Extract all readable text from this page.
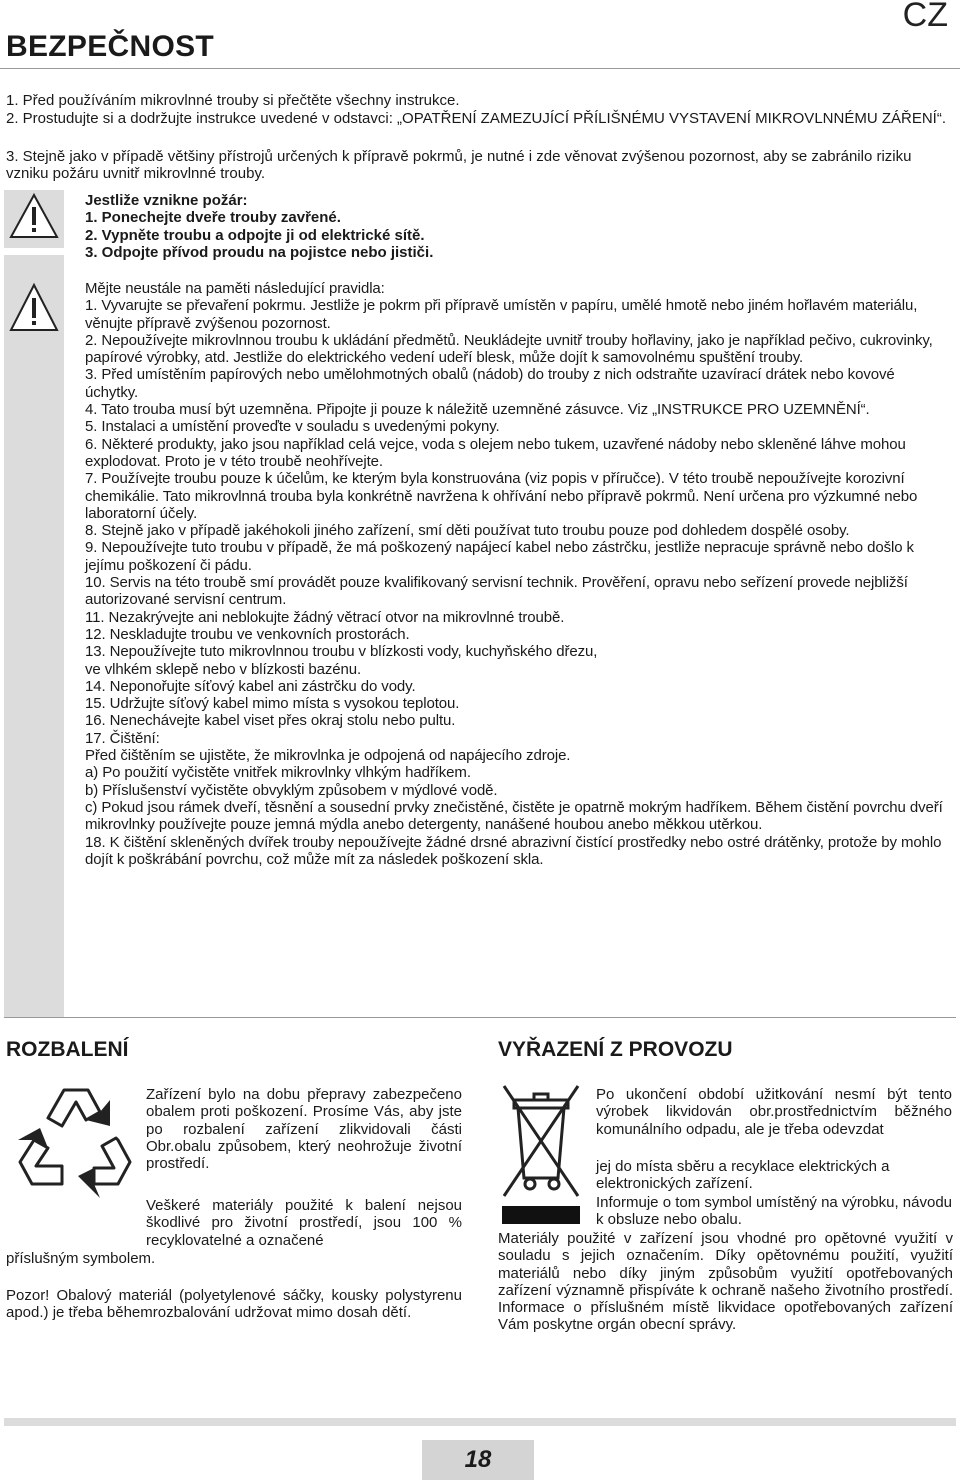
CZ
BEZPEČNOST

1. Před používáním mikrovlnné trouby si přečtěte všechny instrukce.

2. Prostudujte si a dodržujte instrukce uvedené v odstavci: „OPATŘENÍ ZAMEZUJÍCÍ PŘÍLIŠNÉMU VYSTAVENÍ MIKROVLNNÉMU ZÁŘENÍ“.

3. Stejně jako v případě většiny přístrojů určených k přípravě pokrmů, je nutné i zde věnovat zvýšenou pozornost, aby se zabránilo riziku vzniku požáru uvnitř mikrovlnné trouby.

Jestliže vznikne požár:

1. Ponechejte dveře trouby zavřené.

2. Vypněte troubu a odpojte ji od elektrické sítě.

3. Odpojte přívod proudu na pojistce nebo jističi.

Mějte neustále na paměti následující pravidla:

1. Vyvarujte se převaření pokrmu. Jestliže je pokrm při přípravě umístěn v papíru, umělé hmotě nebo jiném hořlavém materiálu, věnujte přípravě zvýšenou pozornost.

2. Nepoužívejte mikrovlnnou troubu k ukládání předmětů. Neukládejte uvnitř trouby hořlaviny, jako je například pečivo, cukrovinky, papírové výrobky, atd. Jestliže do elektrického vedení udeří blesk, může dojít k samovolnému spuštění trouby.

3. Před umístěním papírových nebo umělohmotných obalů (nádob) do trouby z nich odstraňte uzavírací drátek nebo kovové úchytky.

4. Tato trouba musí být uzemněna. Připojte ji pouze k náležitě uzemněné zásuvce. Viz „INSTRUKCE PRO UZEMNĚNÍ“.

5. Instalaci a umístění proveďte v souladu s uvedenými pokyny.

6. Některé produkty, jako jsou například celá vejce, voda s olejem nebo tukem, uzavřené nádoby nebo skleněné láhve mohou explodovat. Proto je v této troubě neohřívejte.

7. Používejte troubu pouze k účelům, ke kterým byla konstruována (viz popis v příručce). V této troubě nepoužívejte korozivní chemikálie. Tato mikrovlnná trouba byla konkrétně navržena k ohřívání nebo přípravě pokrmů. Není určena pro výzkumné nebo laboratorní účely.

8. Stejně jako v případě jakéhokoli jiného zařízení, smí děti používat tuto troubu pouze pod dohledem dospělé osoby.

9. Nepoužívejte tuto troubu v případě, že má poškozený napájecí kabel nebo zástrčku, jestliže nepracuje správně nebo došlo k jejímu poškození či pádu.

10. Servis na této troubě smí provádět pouze kvalifikovaný servisní technik. Prověření, opravu nebo seřízení provede nejbližší autorizované servisní centrum.

11. Nezakrývejte ani neblokujte žádný větrací otvor na mikrovlnné troubě.

12. Neskladujte troubu ve venkovních prostorách.

13. Nepoužívejte tuto mikrovlnnou troubu v blízkosti vody, kuchyňského dřezu,

ve vlhkém sklepě nebo v blízkosti bazénu.

14. Neponořujte síťový kabel ani zástrčku do vody.

15. Udržujte síťový kabel mimo místa s vysokou teplotou.

16. Nenechávejte kabel viset přes okraj stolu nebo pultu.

17. Čištění:

Před čištěním se ujistěte, že mikrovlnka je odpojená od napájecího zdroje.

a) Po použití vyčistěte vnitřek mikrovlnky vlhkým hadříkem.

b) Příslušenství vyčistěte obvyklým způsobem v mýdlové vodě.

c) Pokud jsou rámek dveří, těsnění a sousední prvky znečistěné, čistěte je opatrně mokrým hadříkem. Během čistění povrchu dveří mikrovlnky používejte pouze jemná mýdla anebo detergenty, nanášené houbou anebo měkkou utěrkou.

18. K čištění skleněných dvířek trouby nepoužívejte žádné drsné abrazivní čistící prostředky nebo ostré drátěnky, protože by mohlo dojít k poškrábání povrchu, což může mít za následek poškození skla.

ROZBALENÍ
Zařízení bylo na dobu přepravy zabezpečeno obalem proti poškození. Prosíme Vás, aby jste po rozbalení zařízení zlikvidovali části Obr.obalu způsobem, který neohrožuje životní prostředí.
Veškeré materiály použité k balení nejsou škodlivé pro životní prostředí, jsou 100 % recyklovatelné a označené
příslušným symbolem.
Pozor! Obalový materiál (polyetylenové sáčky, kousky polystyrenu apod.) je třeba běhemrozbalování udržovat mimo dosah dětí.
VYŘAZENÍ Z PROVOZU
Po ukončení období užitkování nesmí být tento výrobek likvidován obr.prostřednictvím běžného komunálního odpadu, ale je třeba odevzdat
jej do místa sběru a recyklace elektrických a elektronických zařízení.
Informuje o tom symbol umístěný na výrobku, návodu k obsluze nebo obalu.
Materiály použité v zařízení jsou vhodné pro opětovné využití v souladu s jejich označením. Díky opětovnému použití, využití materiálů nebo díky jiným způsobům využití opotřebovaných zařízení významně přispíváte k ochraně našeho životního prostředí. Informace o příslušném místě likvidace opotřebovaných zařízení Vám poskytne orgán obecní správy.
18
